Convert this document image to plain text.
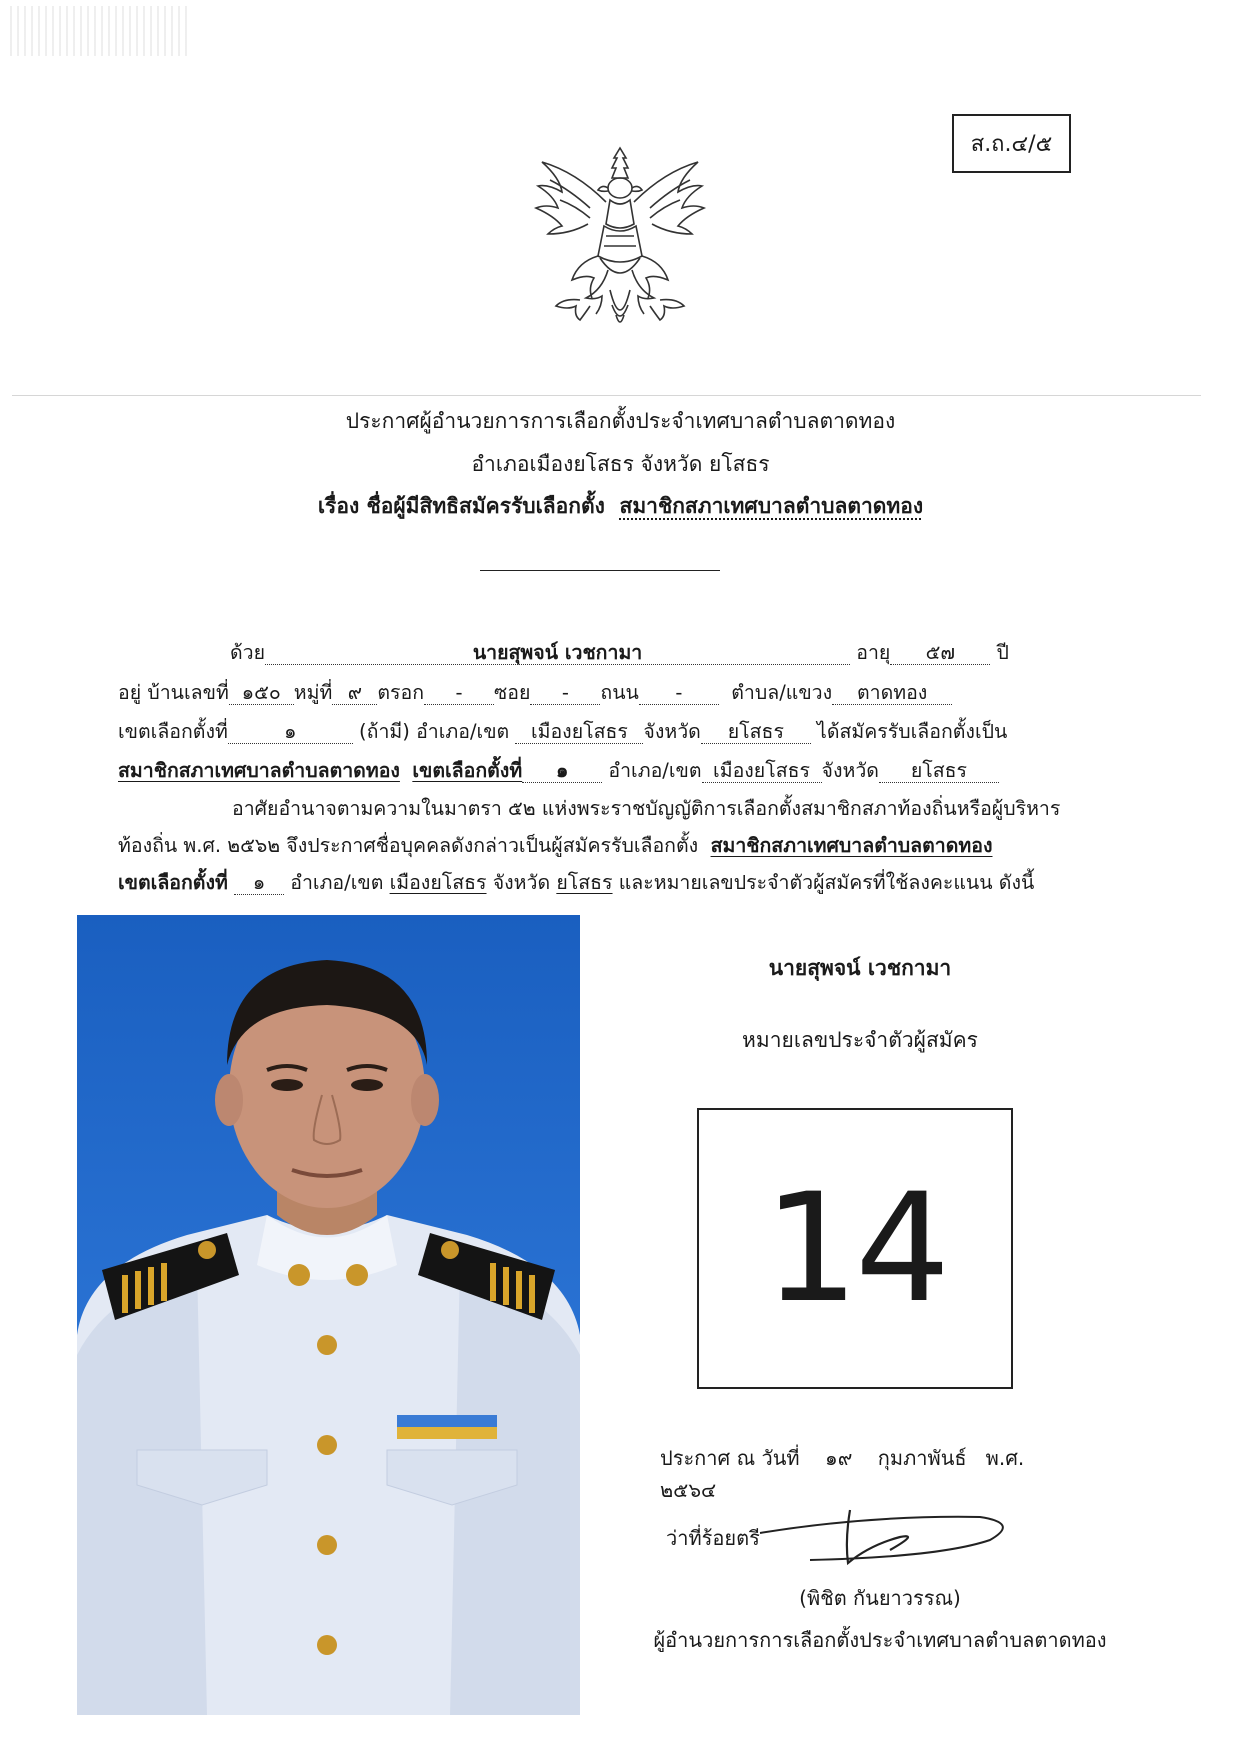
ส.ถ.๔/๕
ประกาศผู้อำนวยการการเลือกตั้งประจำเทศบาลตำบลตาดทอง
อำเภอเมืองยโสธร จังหวัด ยโสธร
เรื่อง ชื่อผู้มีสิทธิสมัครรับเลือกตั้ง สมาชิกสภาเทศบาลตำบลตาดทอง
ด้วย	นายสุพจน์ เวชกามา	อายุ ๕๗ ปี
อยู่ บ้านเลขที่ ๑๕๐ หมู่ที่ ๙ ตรอก - ซอย - ถนน -	ตำบล/แขวง ตาดทอง
เขตเลือกตั้งที่	๑	(ถ้ามี) อำเภอ/เขต เมืองยโสธร จังหวัด ยโสธร ได้สมัครรับเลือกตั้งเป็น
สมาชิกสภาเทศบาลตำบลตาดทอง เขตเลือกตั้งที่ ๑ อำเภอ/เขต เมืองยโสธร จังหวัด ยโสธร
อาศัยอำนาจตามความในมาตรา ๕๒ แห่งพระราชบัญญัติการเลือกตั้งสมาชิกสภาท้องถิ่นหรือผู้บริหาร
ท้องถิ่น พ.ศ. ๒๕๖๒ จึงประกาศชื่อบุคคลดังกล่าวเป็นผู้สมัครรับเลือกตั้ง สมาชิกสภาเทศบาลตำบลตาดทอง
เขตเลือกตั้งที่ ๑ อำเภอ/เขต เมืองยโสธร จังหวัด ยโสธร และหมายเลขประจำตัวผู้สมัครที่ใช้ลงคะแนน ดังนี้
นายสุพจน์ เวชกามา
หมายเลขประจำตัวผู้สมัคร
14
ประกาศ ณ วันที่ ๑๙ กุมภาพันธ์ พ.ศ.  ๒๕๖๔
ว่าที่ร้อยตรี
(พิชิต กันยาวรรณ)
ผู้อำนวยการการเลือกตั้งประจำเทศบาลตำบลตาดทอง
